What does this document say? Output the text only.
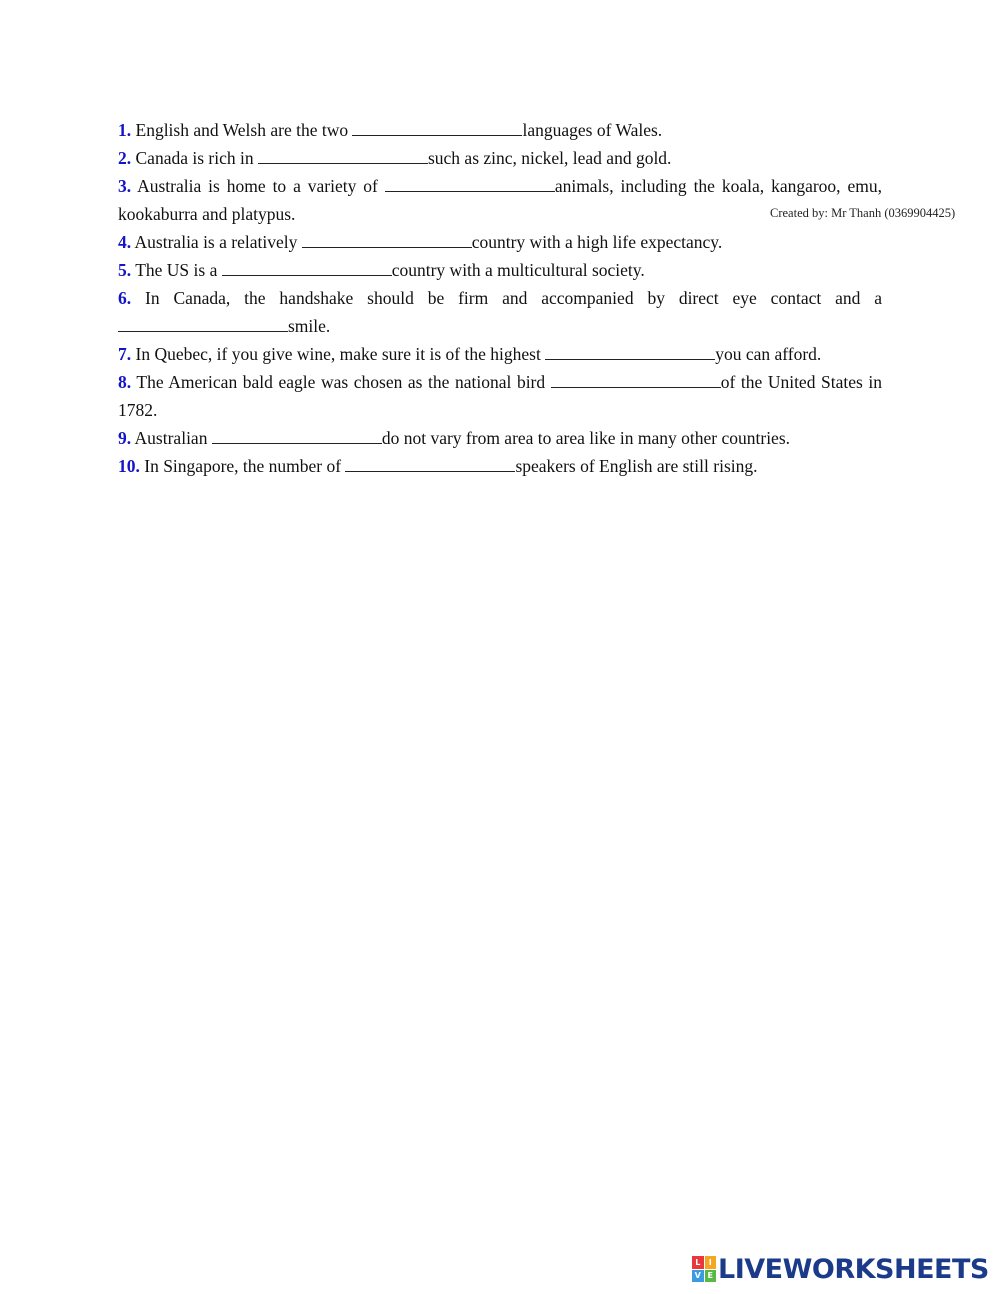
1. English and Welsh are the two	languages of Wales.
2. Canada is rich in	such as zinc, nickel, lead and gold.
3. Australia is home to a variety of	animals, including the koala, kangaroo, emu, kookaburra and platypus.
4. Australia is a relatively	country with a high life expectancy.
5. The US is a	country with a multicultural society.
6. In Canada, the handshake should be firm and accompanied by direct eye contact and a smile.
7. In Quebec, if you give wine, make sure it is of the highest	you can afford.
8. The American bald eagle was chosen as the national bird	of the United States in 1782.
9. Australian	do not vary from area to area like in many other countries.
10. In Singapore, the number of	speakers of English are still rising.
Created by: Mr Thanh (0369904425)
L	I
V E LIVEWORKSHEETS
